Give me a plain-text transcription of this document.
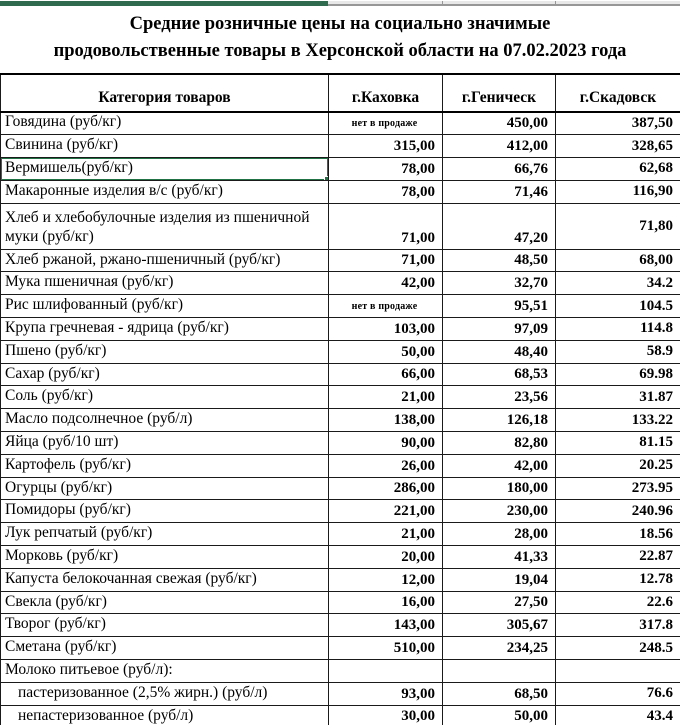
Средние розничные цены на социально значимые
продовольственные товары в Херсонской области на 07.02.2023 года
Категория товаров	г.Каховка	г.Геническ	г.Скадовск
Говядина (руб/кг)	нет в продаже	450,00	387,50
Свинина (руб/кг)	315,00	412,00	328,65
Вермишель(руб/кг)	78,00	66,76	62,68
Макаронные изделия в/с (руб/кг)	78,00	71,46	116,90
Хлеб и хлебобулочные изделия из пшеничной муки (руб/кг)	71,00	47,20	71,80
Хлеб ржаной, ржано-пшеничный (руб/кг)	71,00	48,50	68,00
Мука пшеничная (руб/кг)	42,00	32,70	34.2
Рис шлифованный (руб/кг)	нет в продаже	95,51	104.5
Крупа гречневая - ядрица (руб/кг)	103,00	97,09	114.8
Пшено (руб/кг)	50,00	48,40	58.9
Сахар (руб/кг)	66,00	68,53	69.98
Соль (руб/кг)	21,00	23,56	31.87
Масло подсолнечное (руб/л)	138,00	126,18	133.22
Яйца (руб/10 шт)	90,00	82,80	81.15
Картофель (руб/кг)	26,00	42,00	20.25
Огурцы (руб/кг)	286,00	180,00	273.95
Помидоры (руб/кг)	221,00	230,00	240.96
Лук репчатый (руб/кг)	21,00	28,00	18.56
Морковь (руб/кг)	20,00	41,33	22.87
Капуста белокочанная свежая (руб/кг)	12,00	19,04	12.78
Свекла (руб/кг)	16,00	27,50	22.6
Творог (руб/кг)	143,00	305,67	317.8
Сметана (руб/кг)	510,00	234,25	248.5
Молоко питьевое (руб/л):			
пастеризованное (2,5% жирн.) (руб/л)	93,00	68,50	76.6
непастеризованное (руб/л)	30,00	50,00	43.4
